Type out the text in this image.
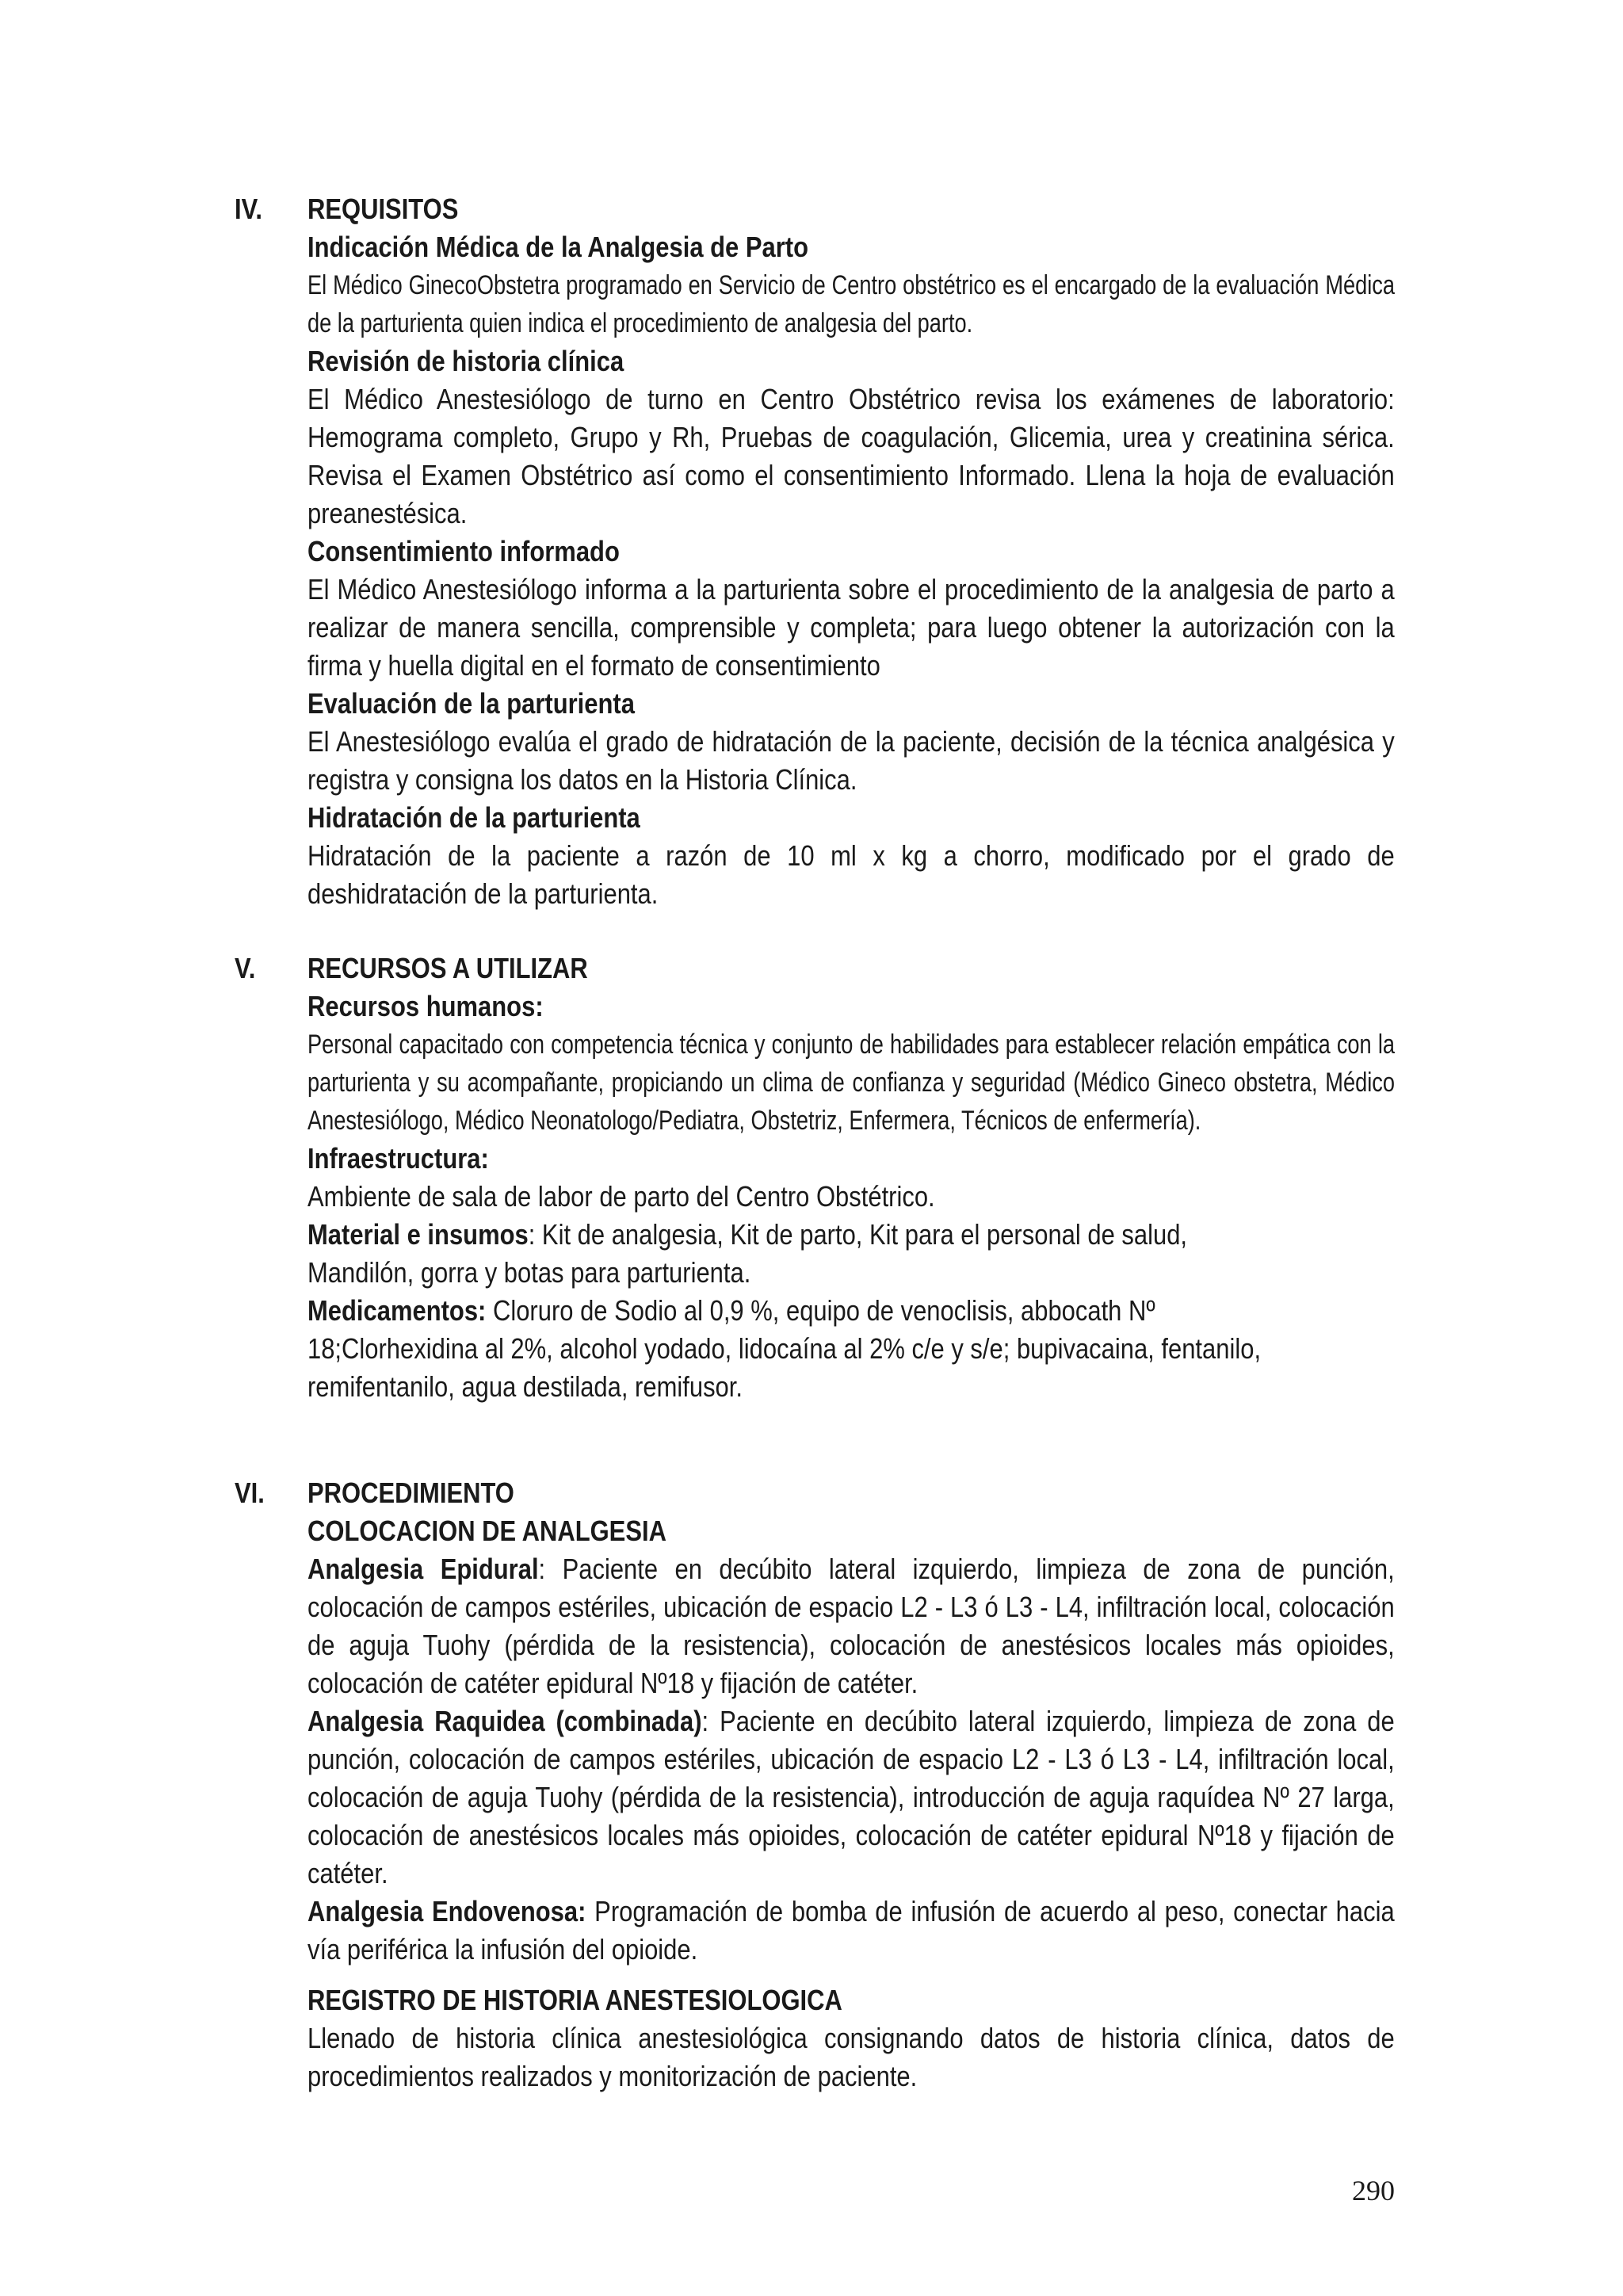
IV. REQUISITOS

Indicación Médica de la Analgesia de Parto

El Médico GinecoObstetra programado en Servicio de Centro obstétrico es el encargado de la evaluación Médica de la parturienta quien indica el procedimiento de analgesia del parto.

Revisión de historia clínica

El Médico Anestesiólogo de turno en Centro Obstétrico revisa los exámenes de laboratorio: Hemograma completo, Grupo y Rh, Pruebas de coagulación, Glicemia, urea y creatinina sérica. Revisa el Examen Obstétrico así como el consentimiento Informado. Llena la hoja de evaluación preanestésica.

Consentimiento informado

El Médico Anestesiólogo informa a la parturienta sobre el procedimiento de la analgesia de parto a realizar de manera sencilla, comprensible y completa; para luego obtener la autorización con la firma y huella digital en el formato de consentimiento

Evaluación de la parturienta

El Anestesiólogo evalúa el grado de hidratación de la paciente, decisión de la técnica analgésica y registra y consigna los datos en la Historia Clínica.

Hidratación de la parturienta

Hidratación de la paciente a razón de 10 ml x kg a chorro, modificado por el grado de deshidratación de la parturienta.

V. RECURSOS A UTILIZAR

Recursos humanos:

Personal capacitado con competencia técnica y conjunto de habilidades para establecer relación empática con la parturienta y su acompañante, propiciando un clima de confianza y seguridad (Médico Gineco obstetra, Médico Anestesiólogo, Médico Neonatologo/Pediatra, Obstetriz, Enfermera, Técnicos de enfermería).

Infraestructura:

Ambiente de sala de labor de parto del Centro Obstétrico.

Material e insumos: Kit de analgesia, Kit de parto, Kit para el personal de salud,

Mandilón, gorra y botas para parturienta.

Medicamentos: Cloruro de Sodio al 0,9 %, equipo de venoclisis, abbocath Nº

18;Clorhexidina al 2%, alcohol yodado, lidocaína al 2% c/e y s/e; bupivacaina, fentanilo,

remifentanilo, agua destilada, remifusor.

VI. PROCEDIMIENTO

COLOCACION DE ANALGESIA

Analgesia Epidural: Paciente en decúbito lateral izquierdo, limpieza de zona de punción, colocación de campos estériles, ubicación de espacio L2 - L3 ó L3 - L4, infiltración local, colocación de aguja Tuohy (pérdida de la resistencia), colocación de anestésicos locales más opioides, colocación de catéter epidural Nº18 y fijación de catéter.

Analgesia Raquidea (combinada): Paciente en decúbito lateral izquierdo, limpieza de zona de punción, colocación de campos estériles, ubicación de espacio L2 - L3 ó L3 - L4, infiltración local, colocación de aguja Tuohy (pérdida de la resistencia), introducción de aguja raquídea Nº 27 larga, colocación de anestésicos locales más opioides, colocación de catéter epidural Nº18 y fijación de catéter.

Analgesia Endovenosa: Programación de bomba de infusión de acuerdo al peso, conectar hacia vía periférica la infusión del opioide.

REGISTRO DE HISTORIA ANESTESIOLOGICA

Llenado de historia clínica anestesiológica consignando datos de historia clínica, datos de procedimientos realizados y monitorización de paciente.

290
